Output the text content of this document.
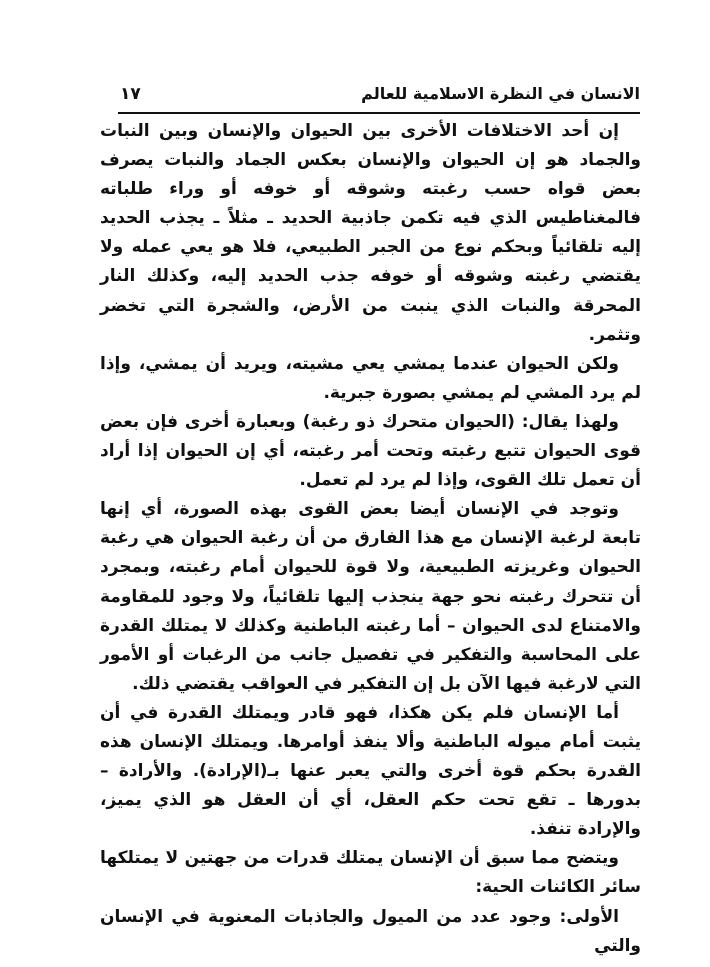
الانسان في النظرة الاسلامية للعالم
١٧

إن أحد الاختلافات الأخرى بين الحيوان والإنسان وبين النبات والجماد هو إن الحيوان والإنسان بعكس الجماد والنبات يصرف بعض قواه حسب رغبته وشوقه أو خوفه أو وراء طلباته فالمغناطيس الذي فيه تكمن جاذبية الحديد ـ مثلاً ـ يجذب الحديد إليه تلقائياً وبحكم نوع من الجبر الطبيعي، فلا هو يعي عمله ولا يقتضي رغبته وشوقه أو خوفه جذب الحديد إليه، وكذلك النار المحرقة والنبات الذي ينبت من الأرض، والشجرة التي تخضر وتثمر.

ولكن الحيوان عندما يمشي يعي مشيته، ويريد أن يمشي، وإذا لم يرد المشي لم يمشي بصورة جبرية.

ولهذا يقال: (الحيوان متحرك ذو رغبة) وبعبارة أخرى فإن بعض قوى الحيوان تتبع رغبته وتحت أمر رغبته، أي إن الحيوان إذا أراد أن تعمل تلك القوى، وإذا لم يرد لم تعمل.

وتوجد في الإنسان أيضا بعض القوى بهذه الصورة، أي إنها تابعة لرغبة الإنسان مع هذا الفارق من أن رغبة الحيوان هي رغبة الحيوان وغريزته الطبيعية، ولا قوة للحيوان أمام رغبته، وبمجرد أن تتحرك رغبته نحو جهة ينجذب إليها تلقائياً، ولا وجود للمقاومة والامتناع لدى الحيوان – أما رغبته الباطنية وكذلك لا يمتلك القدرة على المحاسبة والتفكير في تفصيل جانب من الرغبات أو الأمور التي لارغبة فيها الآن بل إن التفكير في العواقب يقتضي ذلك.

أما الإنسان فلم يكن هكذا، فهو قادر ويمتلك القدرة في أن يثبت أمام ميوله الباطنية وألا ينفذ أوامرها. ويمتلك الإنسان هذه القدرة بحكم قوة أخرى والتي يعبر عنها بـ(الإرادة). والأرادة – بدورها ـ تقع تحت حكم العقل، أي أن العقل هو الذي يميز، والإرادة تنفذ.

ويتضح مما سبق أن الإنسان يمتلك قدرات من جهتين لا يمتلكها سائر الكائنات الحية:

الأولى: وجود عدد من الميول والجاذبات المعنوية في الإنسان والتي
